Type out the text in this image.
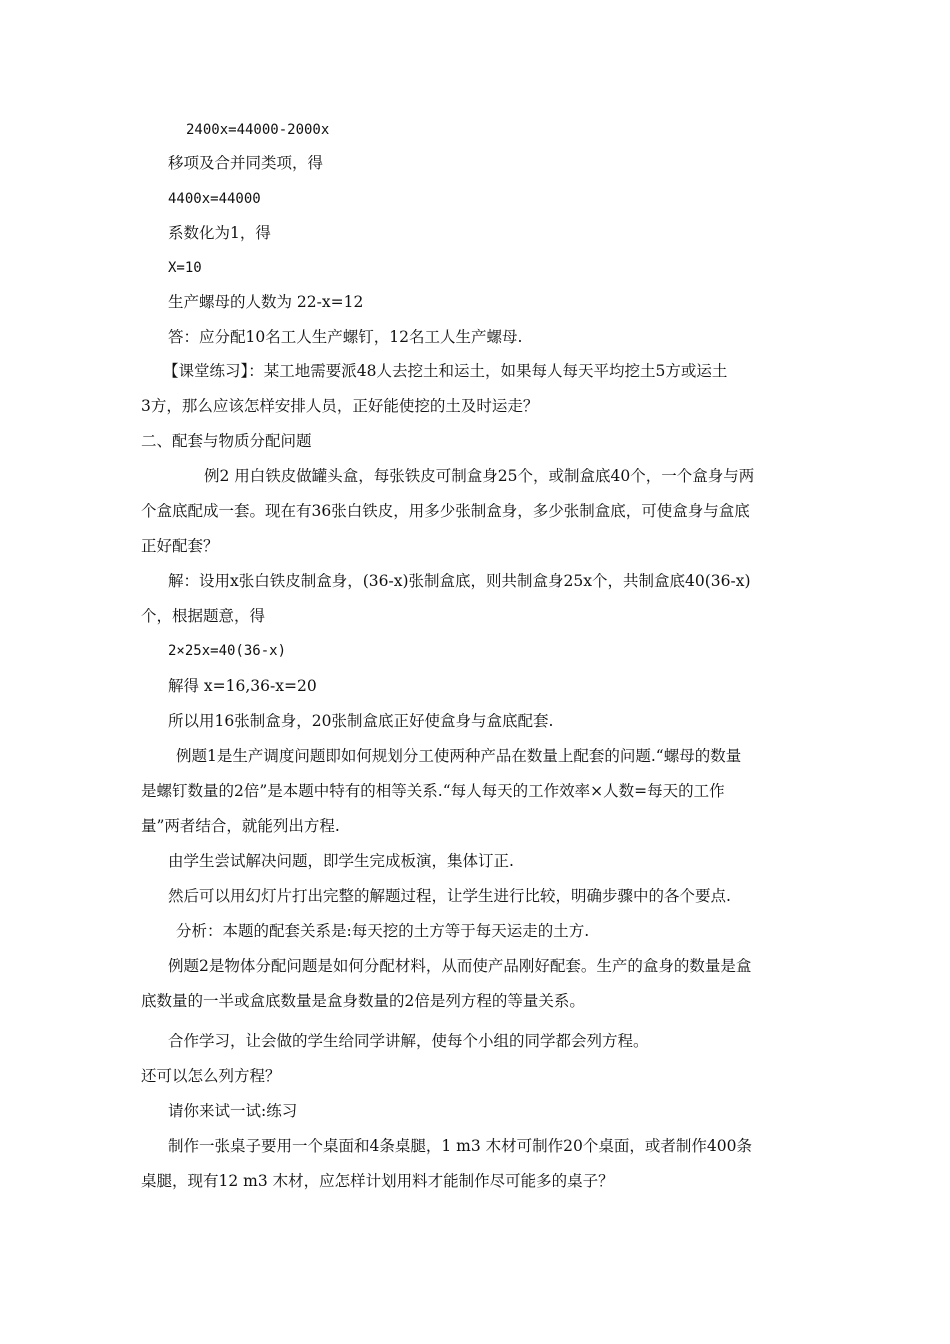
2400x=44000-2000x
移项及合并同类项，得
4400x=44000
系数化为1，得
X=10
生产螺母的人数为 22-x=12
答：应分配10名工人生产螺钉，12名工人生产螺母.
【课堂练习】：某工地需要派48人去挖土和运土，如果每人每天平均挖土5方或运土
3方，那么应该怎样安排人员，正好能使挖的土及时运走？
二、配套与物质分配问题
例2 用白铁皮做罐头盒，每张铁皮可制盒身25个，或制盒底40个，一个盒身与两
个盒底配成一套。现在有36张白铁皮，用多少张制盒身，多少张制盒底，可使盒身与盒底
正好配套？
解：设用x张白铁皮制盒身，(36-x)张制盒底，则共制盒身25x个，共制盒底40(36-x)
个，根据题意，得
2×25x=40(36-x)
解得 x=16,36-x=20
所以用16张制盒身，20张制盒底正好使盒身与盒底配套.
例题1是生产调度问题即如何规划分工使两种产品在数量上配套的问题.“螺母的数量
是螺钉数量的2倍”是本题中特有的相等关系.“每人每天的工作效率×人数=每天的工作
量”两者结合，就能列出方程.
由学生尝试解决问题，即学生完成板演，集体订正.
然后可以用幻灯片打出完整的解题过程，让学生进行比较，明确步骤中的各个要点.
分析：本题的配套关系是:每天挖的土方等于每天运走的土方.
例题2是物体分配问题是如何分配材料，从而使产品刚好配套。生产的盒身的数量是盒
底数量的一半或盒底数量是盒身数量的2倍是列方程的等量关系。
合作学习，让会做的学生给同学讲解，使每个小组的同学都会列方程。
还可以怎么列方程？
请你来试一试:练习
制作一张桌子要用一个桌面和4条桌腿，1 m3 木材可制作20个桌面，或者制作400条
桌腿，现有12 m3 木材，应怎样计划用料才能制作尽可能多的桌子？
